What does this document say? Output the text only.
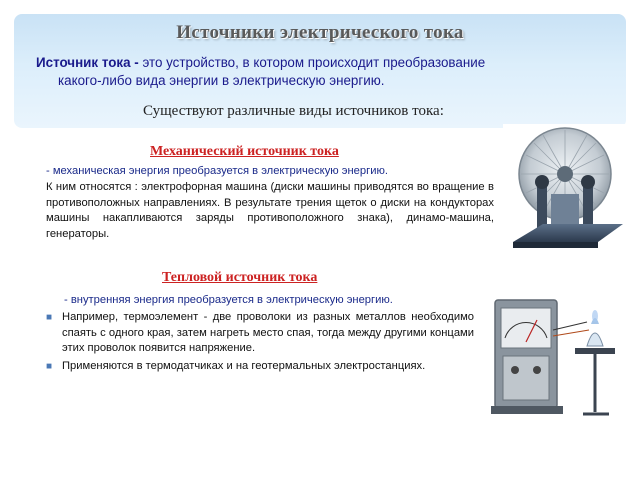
Источники электрического тока
Источник тока - это устройство, в котором происходит преобразование
какого-либо вида энергии в электрическую энергию.
Существуют различные виды источников тока:
Механический источник тока
- механическая энергия преобразуется в электрическую энергию.
К ним относятся : электрофорная машина (диски машины приводятся во вращение в противоположных направлениях. В результате трения щеток о диски на кондукторах машины накапливаются заряды противоположного знака), динамо-машина, генераторы.
Тепловой источник тока
- внутренняя энергия преобразуется в электрическую энергию.
■ Например, термоэлемент - две проволоки из разных металлов необходимо спаять с одного края, затем нагреть место спая, тогда между другими концами этих проволок появится напряжение.
■ Применяются в термодатчиках и на геотермальных электростанциях.
